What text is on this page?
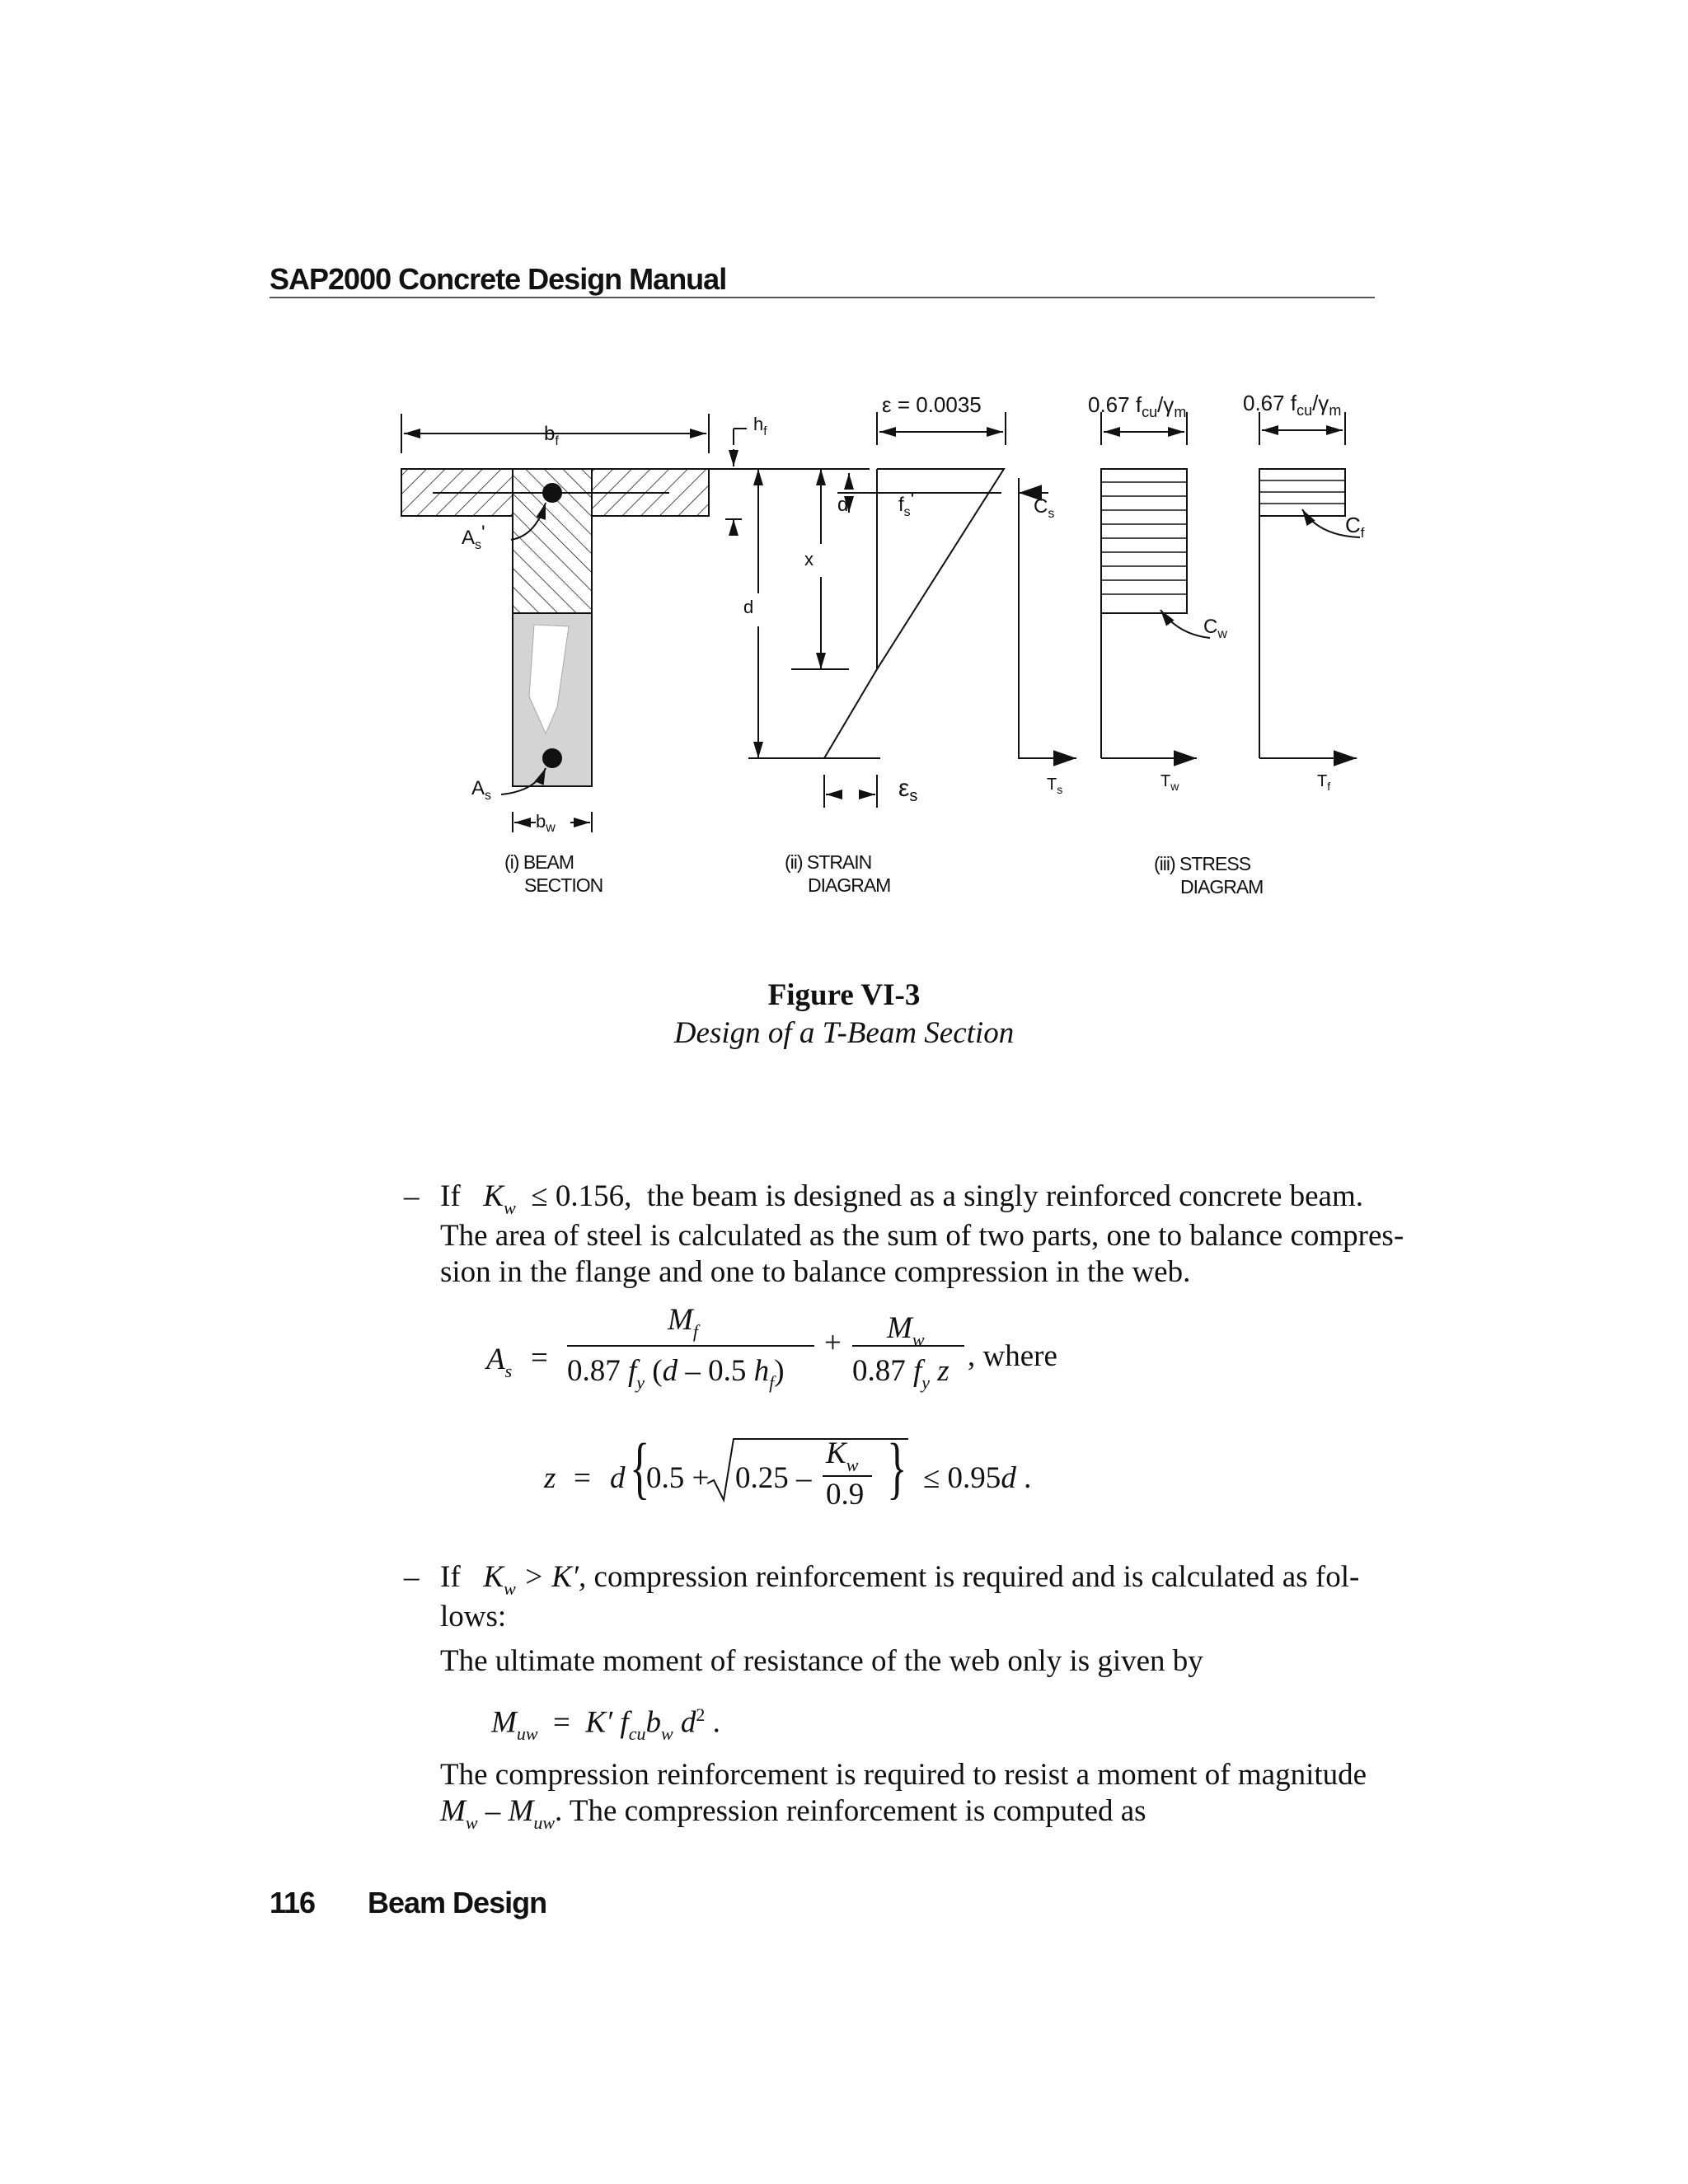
SAP2000 Concrete Design Manual
$b_f$
$h_f$
ε = 0.0035	0.67 $f_{cu}/\gamma_m$	0.67 $f_{cu}/\gamma_m$
$A_s'$
d' $f_s'$	$C_s$	$C_f$
$C_w$
x
d
$A_s$
$b_w$
$\varepsilon_s$
$T_s$	$T_w$	$T_f$
(i) BEAM
SECTION
(ii) STRAIN
DIAGRAM
(iii) STRESS
DIAGRAM
Figure VI-3
Design of a T-Beam Section
– If $K_w \le 0.156$, the beam is designed as a singly reinforced concrete beam.
The area of steel is calculated as the sum of two parts, one to balance compres-
sion in the flange and one to balance compression in the web.
$A_s$ =
$M_f$
0.87 $f_y$ (d – 0.5 $h_f$)
+ $M_w$
0.87 $f_y$ z , where
z = d {
0.5 + 0.25 –
$K_w$
0.9 } ≤ 0.95d .
– If $K_w > K'$, compression reinforcement is required and is calculated as fol-
lows:
The ultimate moment of resistance of the web only is given by
$M_{uw} = K'$ $f_{cu}b_w$ $d^2$ .
The compression reinforcement is required to resist a moment of magnitude
$M_w - M_{uw}$. The compression reinforcement is computed as
116 Beam Design
